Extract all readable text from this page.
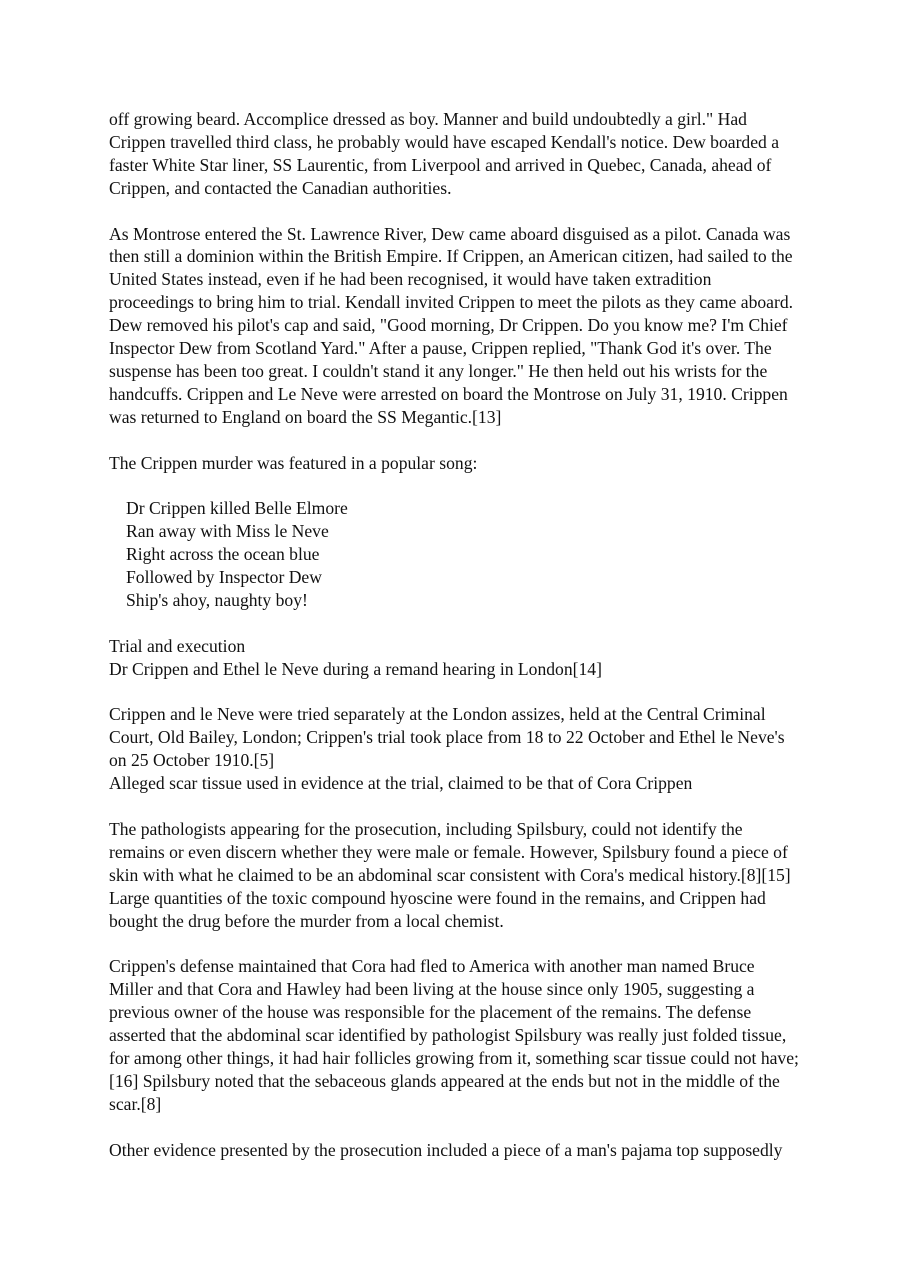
off growing beard. Accomplice dressed as boy. Manner and build undoubtedly a girl." Had Crippen travelled third class, he probably would have escaped Kendall's notice. Dew boarded a faster White Star liner, SS Laurentic, from Liverpool and arrived in Quebec, Canada, ahead of Crippen, and contacted the Canadian authorities.

As Montrose entered the St. Lawrence River, Dew came aboard disguised as a pilot. Canada was then still a dominion within the British Empire. If Crippen, an American citizen, had sailed to the United States instead, even if he had been recognised, it would have taken extradition proceedings to bring him to trial. Kendall invited Crippen to meet the pilots as they came aboard. Dew removed his pilot's cap and said, "Good morning, Dr Crippen. Do you know me? I'm Chief Inspector Dew from Scotland Yard." After a pause, Crippen replied, "Thank God it's over. The suspense has been too great. I couldn't stand it any longer." He then held out his wrists for the handcuffs. Crippen and Le Neve were arrested on board the Montrose on July 31, 1910. Crippen was returned to England on board the SS Megantic.[13]

The Crippen murder was featured in a popular song:

Dr Crippen killed Belle Elmore
Ran away with Miss le Neve
Right across the ocean blue
Followed by Inspector Dew
Ship's ahoy, naughty boy!
Trial and execution
Dr Crippen and Ethel le Neve during a remand hearing in London[14]

Crippen and le Neve were tried separately at the London assizes, held at the Central Criminal Court, Old Bailey, London; Crippen's trial took place from 18 to 22 October and Ethel le Neve's on 25 October 1910.[5]

Alleged scar tissue used in evidence at the trial, claimed to be that of Cora Crippen

The pathologists appearing for the prosecution, including Spilsbury, could not identify the remains or even discern whether they were male or female. However, Spilsbury found a piece of skin with what he claimed to be an abdominal scar consistent with Cora's medical history.[8][15] Large quantities of the toxic compound hyoscine were found in the remains, and Crippen had bought the drug before the murder from a local chemist.

Crippen's defense maintained that Cora had fled to America with another man named Bruce Miller and that Cora and Hawley had been living at the house since only 1905, suggesting a previous owner of the house was responsible for the placement of the remains. The defense asserted that the abdominal scar identified by pathologist Spilsbury was really just folded tissue, for among other things, it had hair follicles growing from it, something scar tissue could not have;[16] Spilsbury noted that the sebaceous glands appeared at the ends but not in the middle of the scar.[8]

Other evidence presented by the prosecution included a piece of a man's pajama top supposedly
